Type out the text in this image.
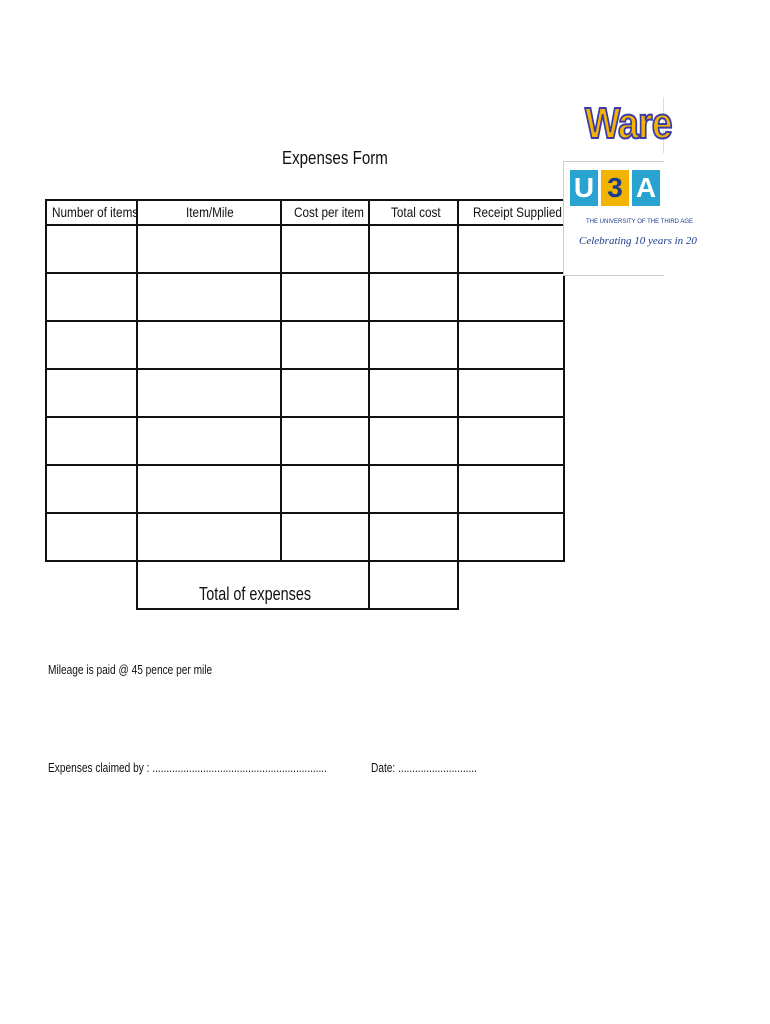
Expenses Form
Number of items	Item/Mile	Cost per item	Total cost	Receipt Supplied
Total of expenses
Mileage is paid @ 45 pence per mile
Expenses claimed by : ..............................................................	Date: ............................
Ware
U 3 A
THE UNIVERSITY OF THE THIRD AGE
Celebrating 10 years in 20
